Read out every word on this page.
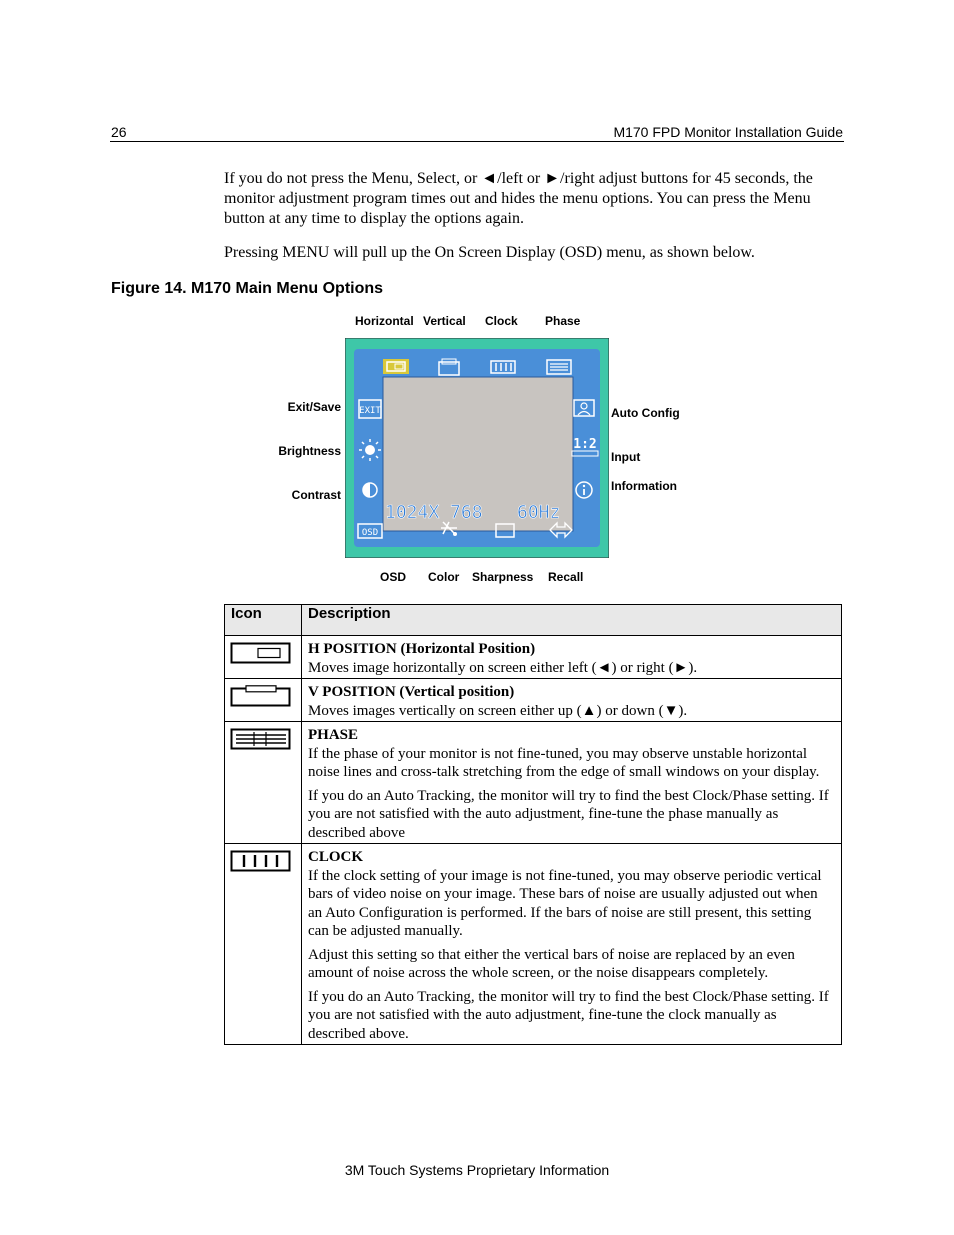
26	M170 FPD Monitor Installation Guide

If you do not press the Menu, Select, or ◄/left or ►/right adjust buttons for 45 seconds, the monitor adjustment program times out and hides the menu options. You can press the Menu button at any time to display the options again.

Pressing MENU will pull up the On Screen Display (OSD) menu, as shown below.

Figure 14. M170 Main Menu Options
Horizontal Vertical Clock Phase
Exit/Save
Brightness
Contrast
Auto Config
Input
Information
OSD Color Sharpness Recall
EXIT
OSD
1:2
1024X 768 60Hz
Icon	Description

H POSITION (Horizontal Position)
Moves image horizontally on screen either left (◄) or right (►).

V POSITION (Vertical position)
Moves images vertically on screen either up (▲) or down (▼).

PHASE
If the phase of your monitor is not fine-tuned, you may observe unstable horizontal noise lines and cross-talk stretching from the edge of small windows on your display.
If you do an Auto Tracking, the monitor will try to find the best Clock/Phase setting. If you are not satisfied with the auto adjustment, fine-tune the phase manually as described above

CLOCK
If the clock setting of your image is not fine-tuned, you may observe periodic vertical bars of video noise on your image. These bars of noise are usually adjusted out when an Auto Configuration is performed. If the bars of noise are still present, this setting can be adjusted manually.
Adjust this setting so that either the vertical bars of noise are replaced by an even amount of noise across the whole screen, or the noise disappears completely.
If you do an Auto Tracking, the monitor will try to find the best Clock/Phase setting. If you are not satisfied with the auto adjustment, fine-tune the clock manually as described above.
3M Touch Systems Proprietary Information
